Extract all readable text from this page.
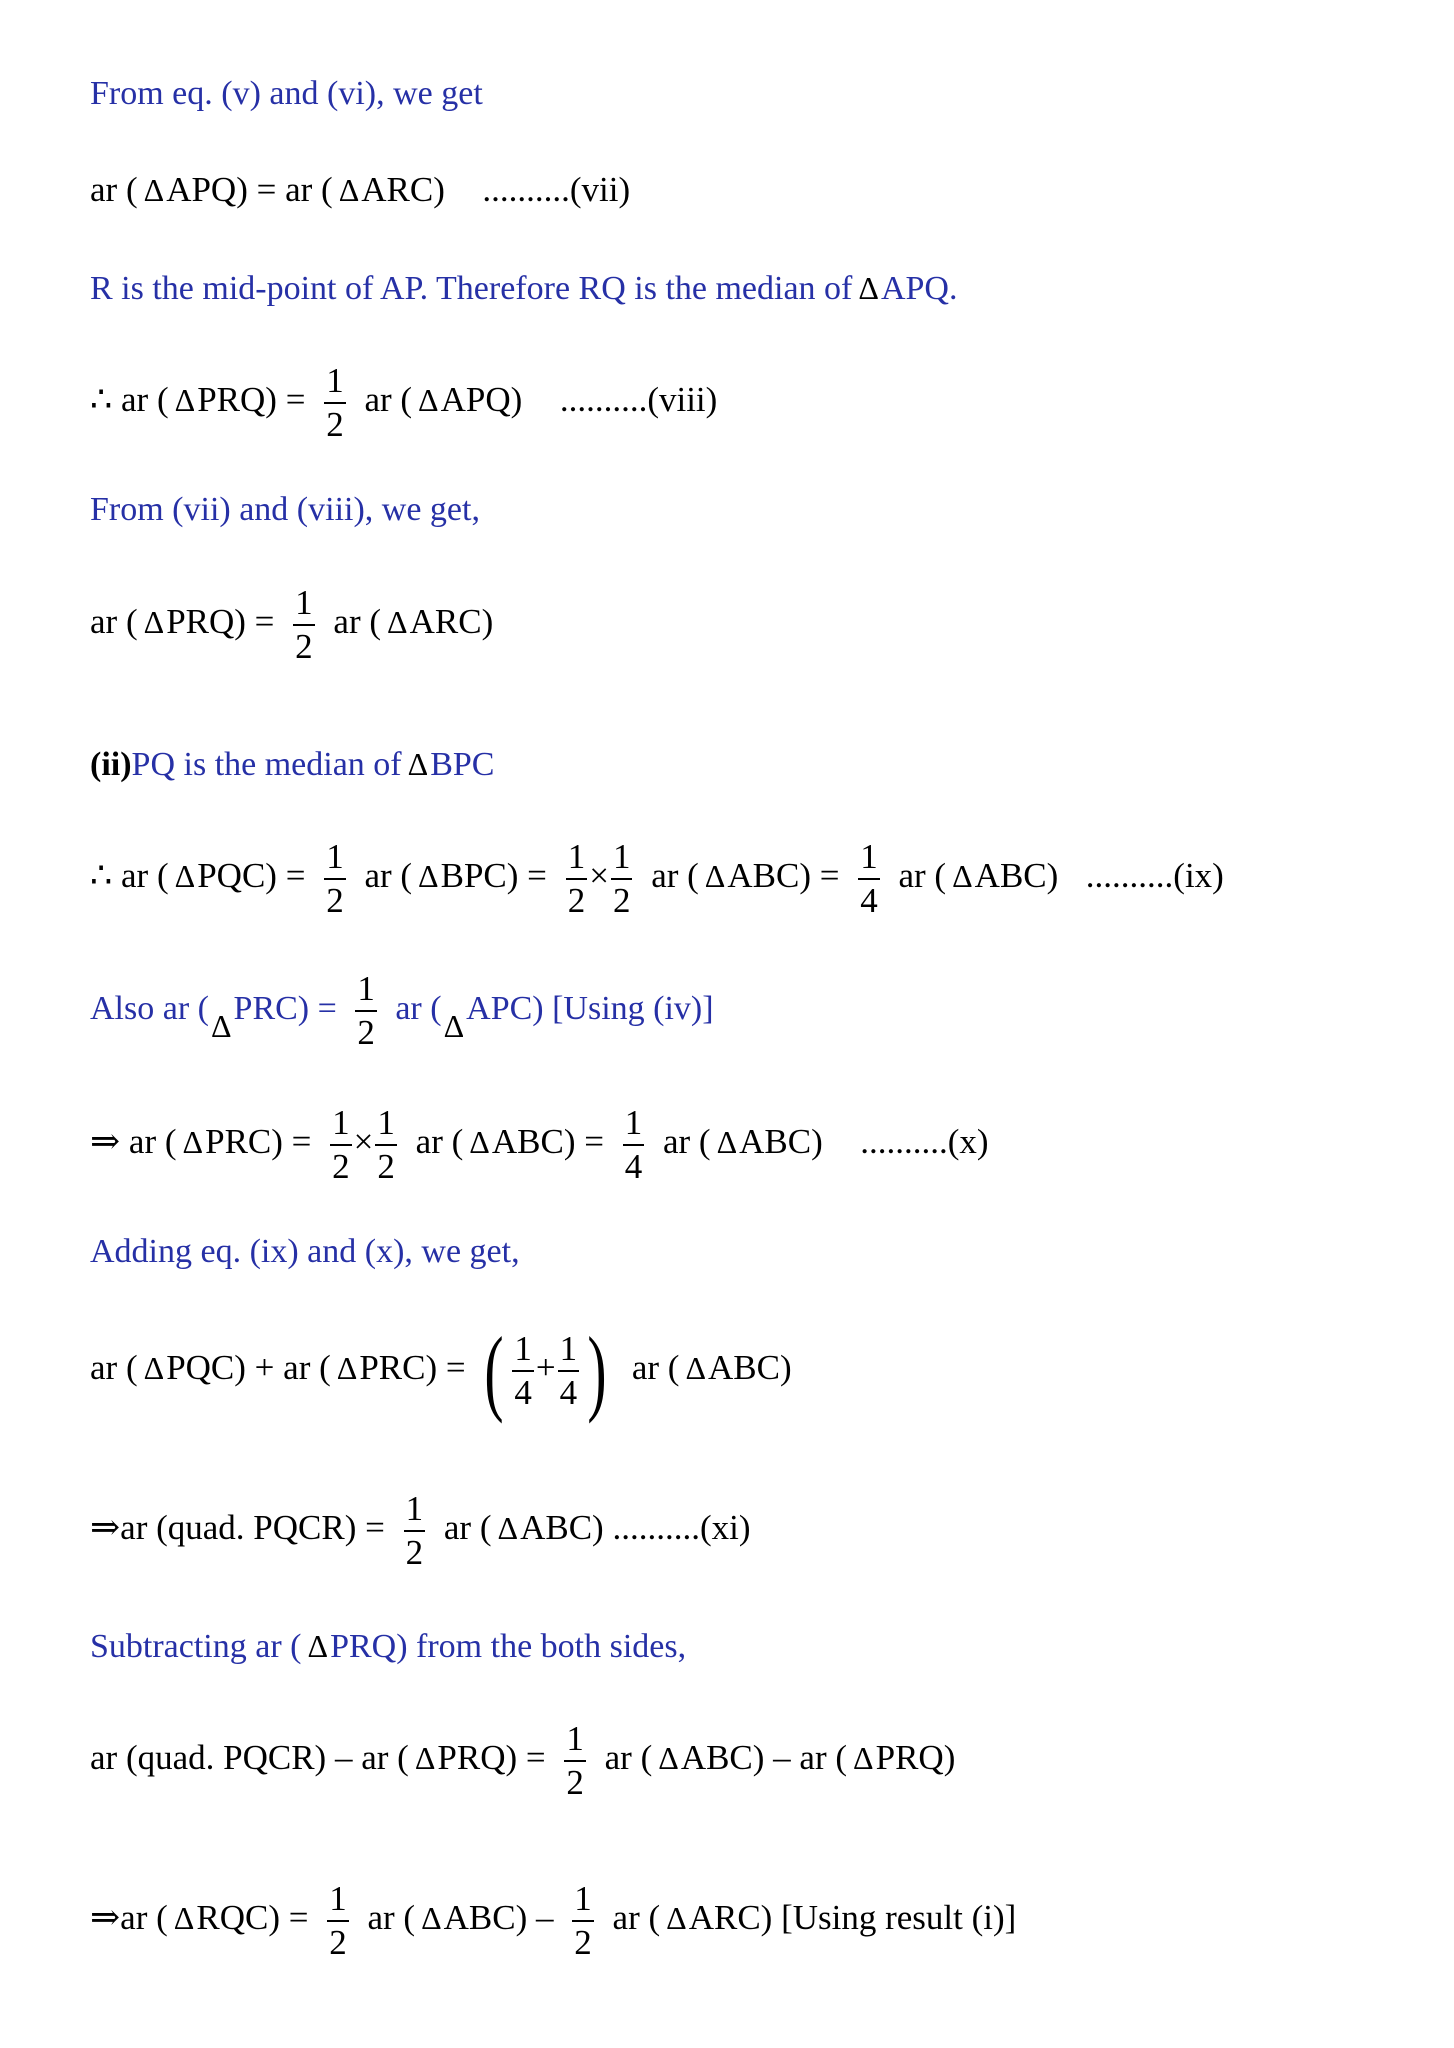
From eq. (v) and (vi), we get
ar ( ΔAPQ) = ar ( ΔARC) ..........(vii)
R is the mid-point of AP. Therefore RQ is the median of ΔAPQ.
∴ ar ( $\Delta PRQ) = \frac{1}{2}$ ar ( ΔAPQ) ..........(viii)
From (vii) and (viii), we get,
ar ( $\Delta PRQ) = \frac{1}{2}$ ar ( ΔARC)
(ii)PQ is the median of ΔBPC
∴ ar ( $\Delta PQC) = \frac{1}{2}$ ar ( $\Delta BPC) = \frac{1}{2} \times \frac{1}{2}$ ar ( $\Delta ABC) = \frac{1}{4}$ ar ( ΔABC) ..........(ix)
Also ar $(\Delta PRC) = \frac{1}{2}$ ar (ΔAPC) [Using (iv)]
⇒ ar ( $\Delta PRC) = \frac{1}{2} \times \frac{1}{2}$ ar ( $\Delta ABC) = \frac{1}{4}$ ar ( ΔABC) ..........(x)
Adding eq. (ix) and (x), we get,
ar ( ΔPQC) + ar ( ΔPRC) = ( $\frac{1}{4} + \frac{1}{4}$ ) ar ( ΔABC)
⇒ar (quad. PQCR) = $\frac{1}{2}$ ar ( ΔABC) ..........(xi)
Subtracting ar ( ΔPRQ) from the both sides,
ar (quad. PQCR) – ar ( $\Delta PRQ) = \frac{1}{2}$ ar ( ΔABC) – ar ( ΔPRQ)
⇒ar ( $\Delta RQC) = \frac{1}{2}$ ar ( $\Delta ABC) - \frac{1}{2}$ ar ( ΔARC) [Using result (i)]
